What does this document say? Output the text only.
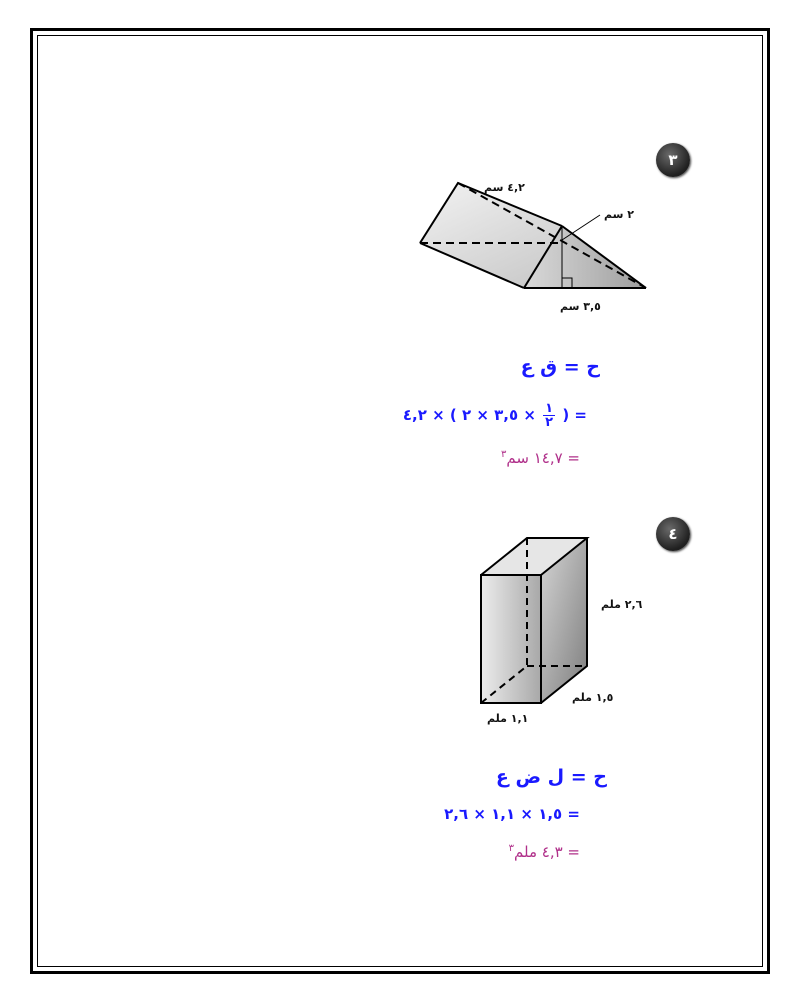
٣
٤,٢ سم
٢ سم
٣,٥ سم
ح = ق ع
= (
$\frac{١}{٢}$
× ٣,٥ × ٢ ) × ٤,٢
= ١٤,٧ سم$^٣$
٤
٢,٦ ملم
١,٥ ملم
١,١ ملم
ح = ل ض ع
= ١,٥ × ١,١ × ٢,٦
= ٤,٣ ملم$^٣$
